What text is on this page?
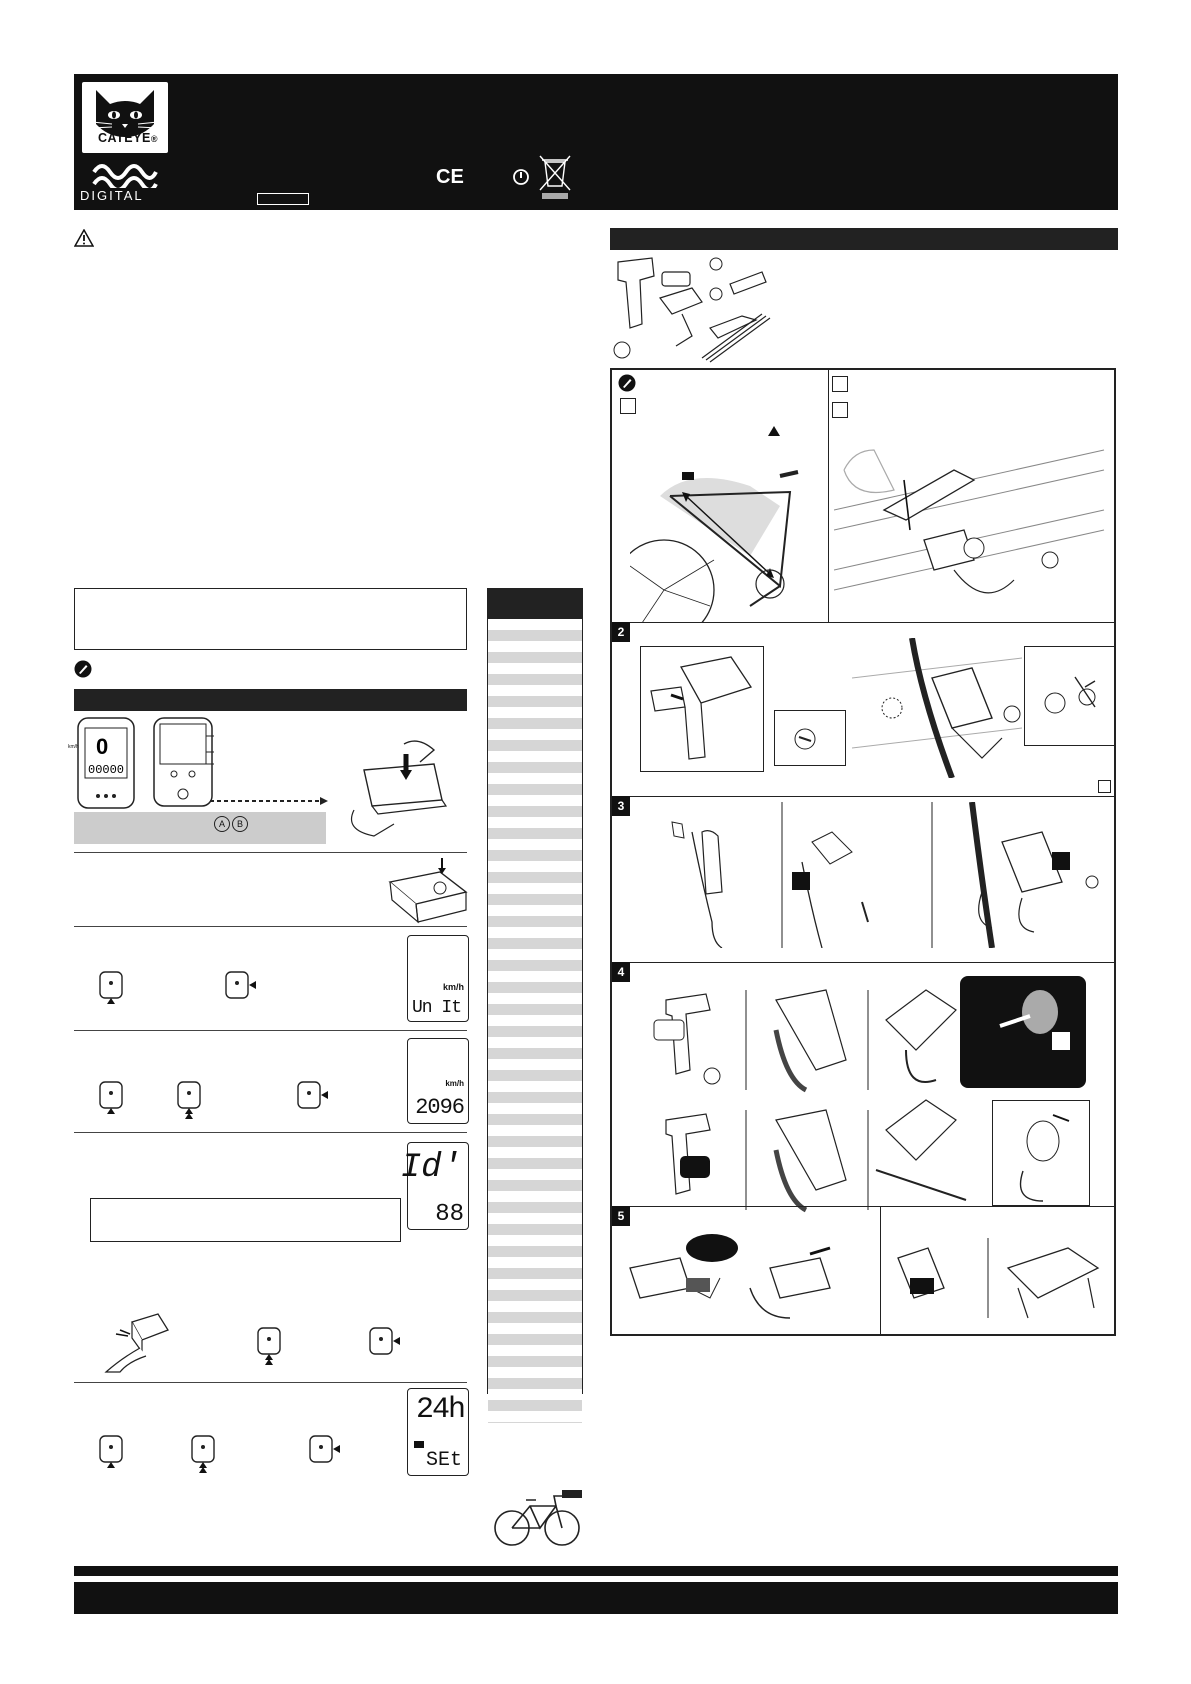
CATEYE®
DIGITAL
CE
0
00000
km/h
A	B
km/h
Un It
km/h
2096
Id'
88
24h
SEt
2
3
4
5
